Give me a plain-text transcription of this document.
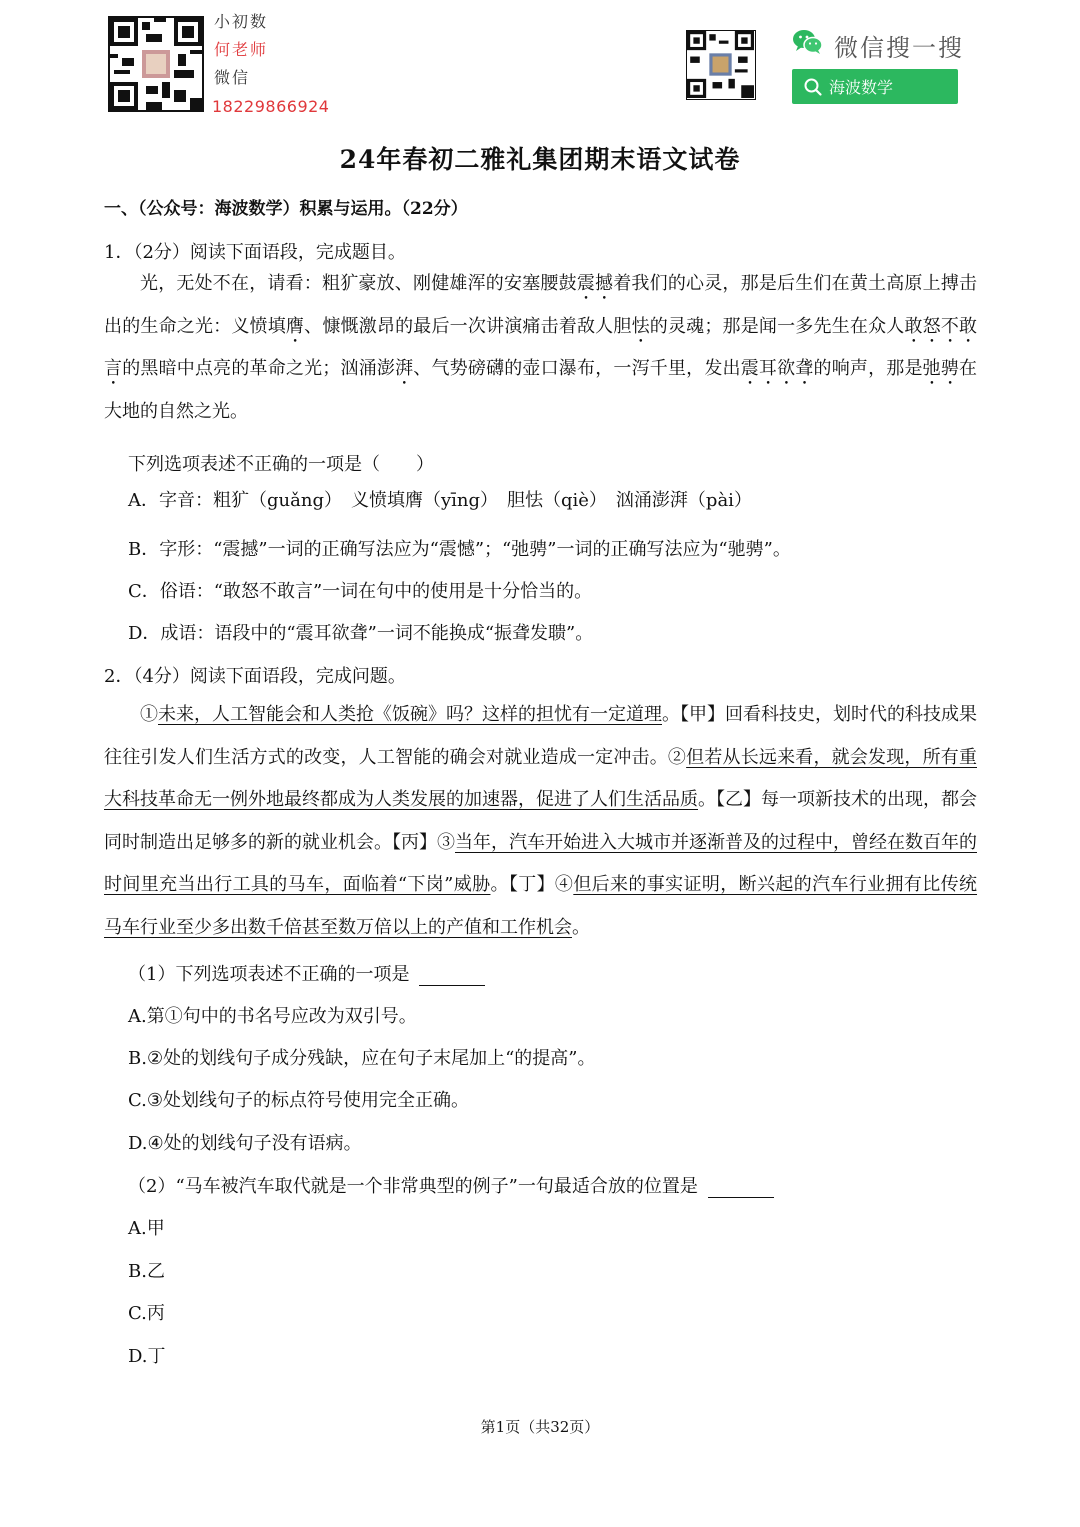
小初数
何老师
微信
18229866924
微信搜一搜
海波数学
24年春初二雅礼集团期末语文试卷
一、（公众号：海波数学）积累与运用。（22分）
1．（2分）阅读下面语段，完成题目。
光，无处不在，请看：粗犷豪放、刚健雄浑的安塞腰鼓震撼着我们的心灵，那是后生们在黄土高原上搏击出的生命之光：义愤填膺、慷慨激昂的最后一次讲演痛击着敌人胆怯的灵魂；那是闻一多先生在众人敢怒不敢言的黑暗中点亮的革命之光；汹涌澎湃、气势磅礴的壶口瀑布，一泻千里，发出震耳欲聋的响声，那是弛骋在大地的自然之光。
下列选项表述不正确的一项是（　　）
A．字音：粗犷（guǎng）　义愤填膺（yīng）　胆怯（qiè）　汹涌澎湃（pài）
B．字形：“震撼”一词的正确写法应为“震憾”；“弛骋”一词的正确写法应为“驰骋”。
C．俗语：“敢怒不敢言”一词在句中的使用是十分恰当的。
D．成语：语段中的“震耳欲聋”一词不能换成“振聋发聩”。
2．（4分）阅读下面语段，完成问题。
①未来，人工智能会和人类抢《饭碗》吗？这样的担忧有一定道理。【甲】回看科技史，划时代的科技成果往往引发人们生活方式的改变，人工智能的确会对就业造成一定冲击。②但若从长远来看，就会发现，所有重大科技革命无一例外地最终都成为人类发展的加速器，促进了人们生活品质。【乙】每一项新技术的出现，都会同时制造出足够多的新的就业机会。【丙】③当年，汽车开始进入大城市并逐渐普及的过程中，曾经在数百年的时间里充当出行工具的马车，面临着“下岗”威胁。【丁】④但后来的事实证明，断兴起的汽车行业拥有比传统马车行业至少多出数千倍甚至数万倍以上的产值和工作机会。
（1）下列选项表述不正确的一项是
A.第①句中的书名号应改为双引号。
B.②处的划线句子成分残缺，应在句子末尾加上“的提高”。
C.③处划线句子的标点符号使用完全正确。
D.④处的划线句子没有语病。
（2）“马车被汽车取代就是一个非常典型的例子”一句最适合放的位置是
A.甲
B.乙
C.丙
D.丁
第1页（共32页）
